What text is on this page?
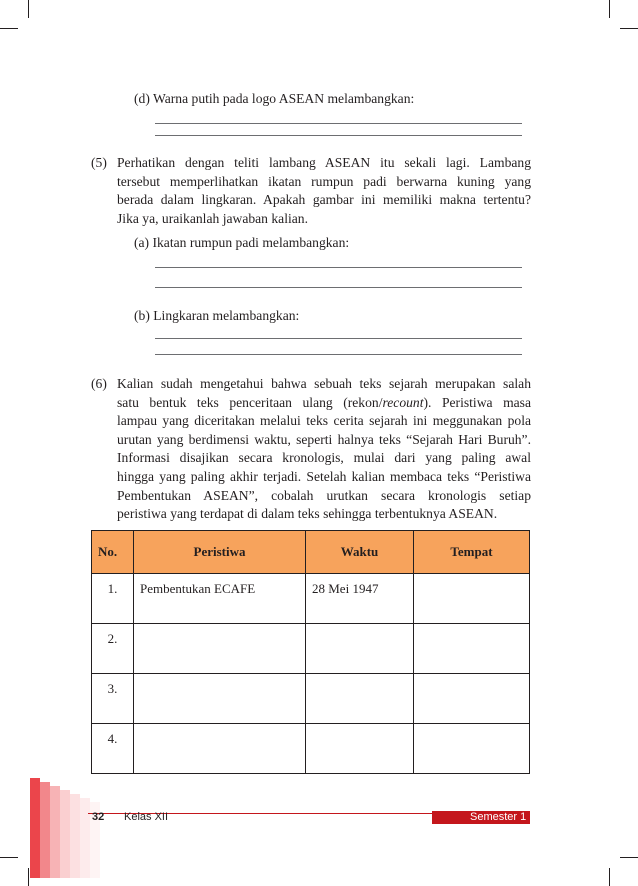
(d) Warna putih pada logo ASEAN melambangkan:
(5) Perhatikan dengan teliti lambang ASEAN itu sekali lagi. Lambang
tersebut memperlihatkan ikatan rumpun padi berwarna kuning yang
berada dalam lingkaran. Apakah gambar ini memiliki makna tertentu?
Jika ya, uraikanlah jawaban kalian.
(a) Ikatan rumpun padi melambangkan:
(b) Lingkaran melambangkan:
(6) Kalian sudah mengetahui bahwa sebuah teks sejarah merupakan salah
satu bentuk teks penceritaan ulang (rekon/recount). Peristiwa masa
lampau yang diceritakan melalui teks cerita sejarah ini meggunakan pola
urutan yang berdimensi waktu, seperti halnya teks “Sejarah Hari Buruh”.
Informasi disajikan secara kronologis, mulai dari yang paling awal
hingga yang paling akhir terjadi. Setelah kalian membaca teks “Peristiwa
Pembentukan ASEAN”, cobalah urutkan secara kronologis setiap
peristiwa yang terdapat di dalam teks sehingga terbentuknya ASEAN.
No.	Peristiwa	Waktu	Tempat
1.	Pembentukan ECAFE	28 Mei 1947	
2.			
3.			
4.			
32 Kelas XII	Semester 1
